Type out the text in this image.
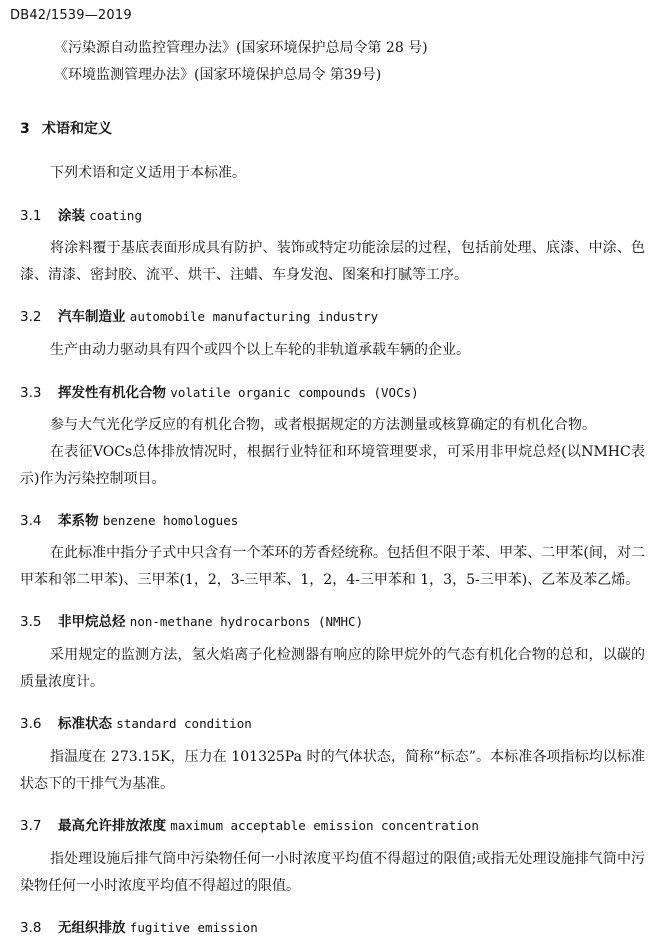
DB42/1539—2019
《污染源自动监控管理办法》(国家环境保护总局令第 28 号)
《环境监测管理办法》(国家环境保护总局令 第39号)
3 术语和定义
下列术语和定义适用于本标准。
3.1 涂装 coating
将涂料覆于基底表面形成具有防护、装饰或特定功能涂层的过程，包括前处理、底漆、中涂、色漆、清漆、密封胶、流平、烘干、注蜡、车身发泡、图案和打腻等工序。
3.2 汽车制造业 automobile manufacturing industry
生产由动力驱动具有四个或四个以上车轮的非轨道承载车辆的企业。
3.3 挥发性有机化合物 volatile organic compounds (VOCs)
参与大气光化学反应的有机化合物，或者根据规定的方法测量或核算确定的有机化合物。
在表征VOCs总体排放情况时，根据行业特征和环境管理要求，可采用非甲烷总烃(以NMHC表示)作为污染控制项目。
3.4 苯系物 benzene homologues
在此标准中指分子式中只含有一个苯环的芳香烃统称。包括但不限于苯、甲苯、二甲苯(间，对二甲苯和邻二甲苯)、三甲苯(1，2，3-三甲苯、1，2，4-三甲苯和 1，3，5-三甲苯)、乙苯及苯乙烯。
3.5 非甲烷总烃 non-methane hydrocarbons (NMHC)
采用规定的监测方法，氢火焰离子化检测器有响应的除甲烷外的气态有机化合物的总和，以碳的质量浓度计。
3.6 标准状态 standard condition
指温度在 273.15K，压力在 101325Pa 时的气体状态，简称“标态”。本标准各项指标均以标准状态下的干排气为基准。
3.7 最高允许排放浓度 maximum acceptable emission concentration
指处理设施后排气筒中污染物任何一小时浓度平均值不得超过的限值;或指无处理设施排气筒中污染物任何一小时浓度平均值不得超过的限值。
3.8 无组织排放 fugitive emission
